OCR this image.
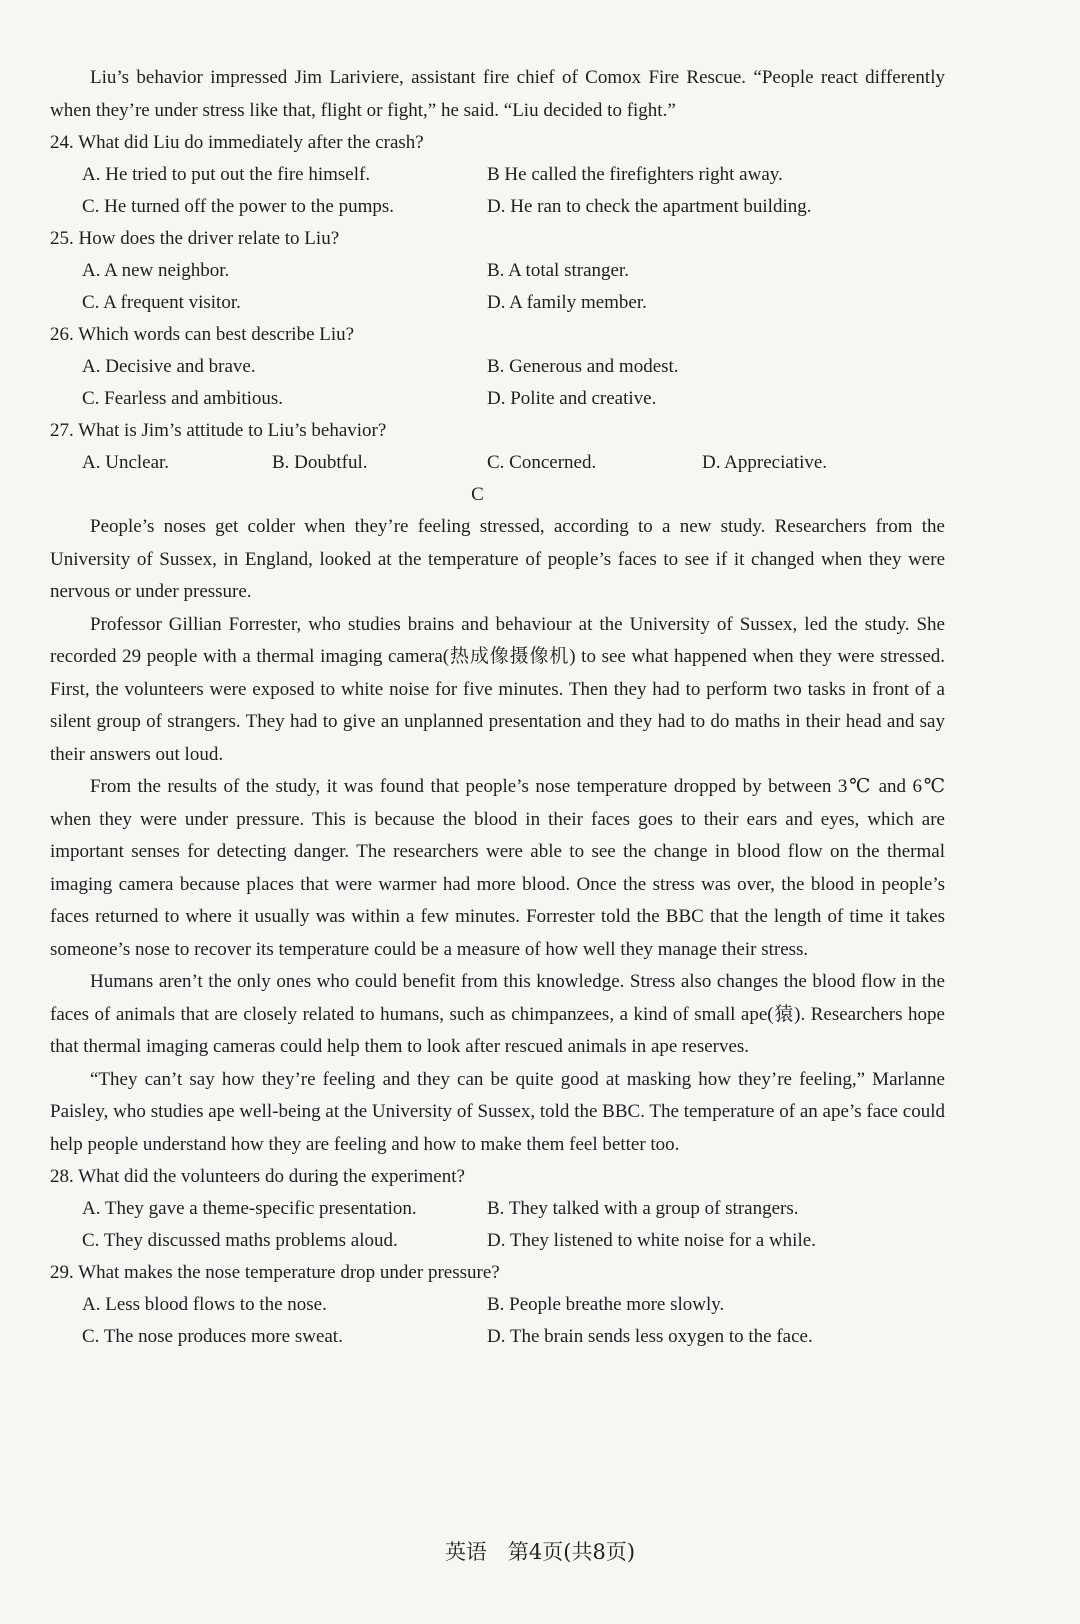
Liu’s behavior impressed Jim Lariviere, assistant fire chief of Comox Fire Rescue. “People react differently when they’re under stress like that, flight or fight,” he said. “Liu decided to fight.”

24. What did Liu do immediately after the crash?
A. He tried to put out the fire himself.	B He called the firefighters right away.
C. He turned off the power to the pumps.	D. He ran to check the apartment building.
25. How does the driver relate to Liu?
A. A new neighbor.	B. A total stranger.
C. A frequent visitor.	D. A family member.
26. Which words can best describe Liu?
A. Decisive and brave.	B. Generous and modest.
C. Fearless and ambitious.	D. Polite and creative.
27. What is Jim’s attitude to Liu’s behavior?
A. Unclear.	B. Doubtful.	C. Concerned.	D. Appreciative.

C

People’s noses get colder when they’re feeling stressed, according to a new study. Researchers from the University of Sussex, in England, looked at the temperature of people’s faces to see if it changed when they were nervous or under pressure.

Professor Gillian Forrester, who studies brains and behaviour at the University of Sussex, led the study. She recorded 29 people with a thermal imaging camera(热成像摄像机) to see what happened when they were stressed. First, the volunteers were exposed to white noise for five minutes. Then they had to perform two tasks in front of a silent group of strangers. They had to give an unplanned presentation and they had to do maths in their head and say their answers out loud.

From the results of the study, it was found that people’s nose temperature dropped by between 3℃ and 6℃ when they were under pressure. This is because the blood in their faces goes to their ears and eyes, which are important senses for detecting danger. The researchers were able to see the change in blood flow on the thermal imaging camera because places that were warmer had more blood. Once the stress was over, the blood in people’s faces returned to where it usually was within a few minutes. Forrester told the BBC that the length of time it takes someone’s nose to recover its temperature could be a measure of how well they manage their stress.

Humans aren’t the only ones who could benefit from this knowledge. Stress also changes the blood flow in the faces of animals that are closely related to humans, such as chimpanzees, a kind of small ape(猿). Researchers hope that thermal imaging cameras could help them to look after rescued animals in ape reserves.

“They can’t say how they’re feeling and they can be quite good at masking how they’re feeling,” Marlanne Paisley, who studies ape well-being at the University of Sussex, told the BBC. The temperature of an ape’s face could help people understand how they are feeling and how to make them feel better too.

28. What did the volunteers do during the experiment?
A. They gave a theme-specific presentation.	B. They talked with a group of strangers.
C. They discussed maths problems aloud.	D. They listened to white noise for a while.
29. What makes the nose temperature drop under pressure?
A. Less blood flows to the nose.	B. People breathe more slowly.
C. The nose produces more sweat.	D. The brain sends less oxygen to the face.
英语　第4页(共8页)
